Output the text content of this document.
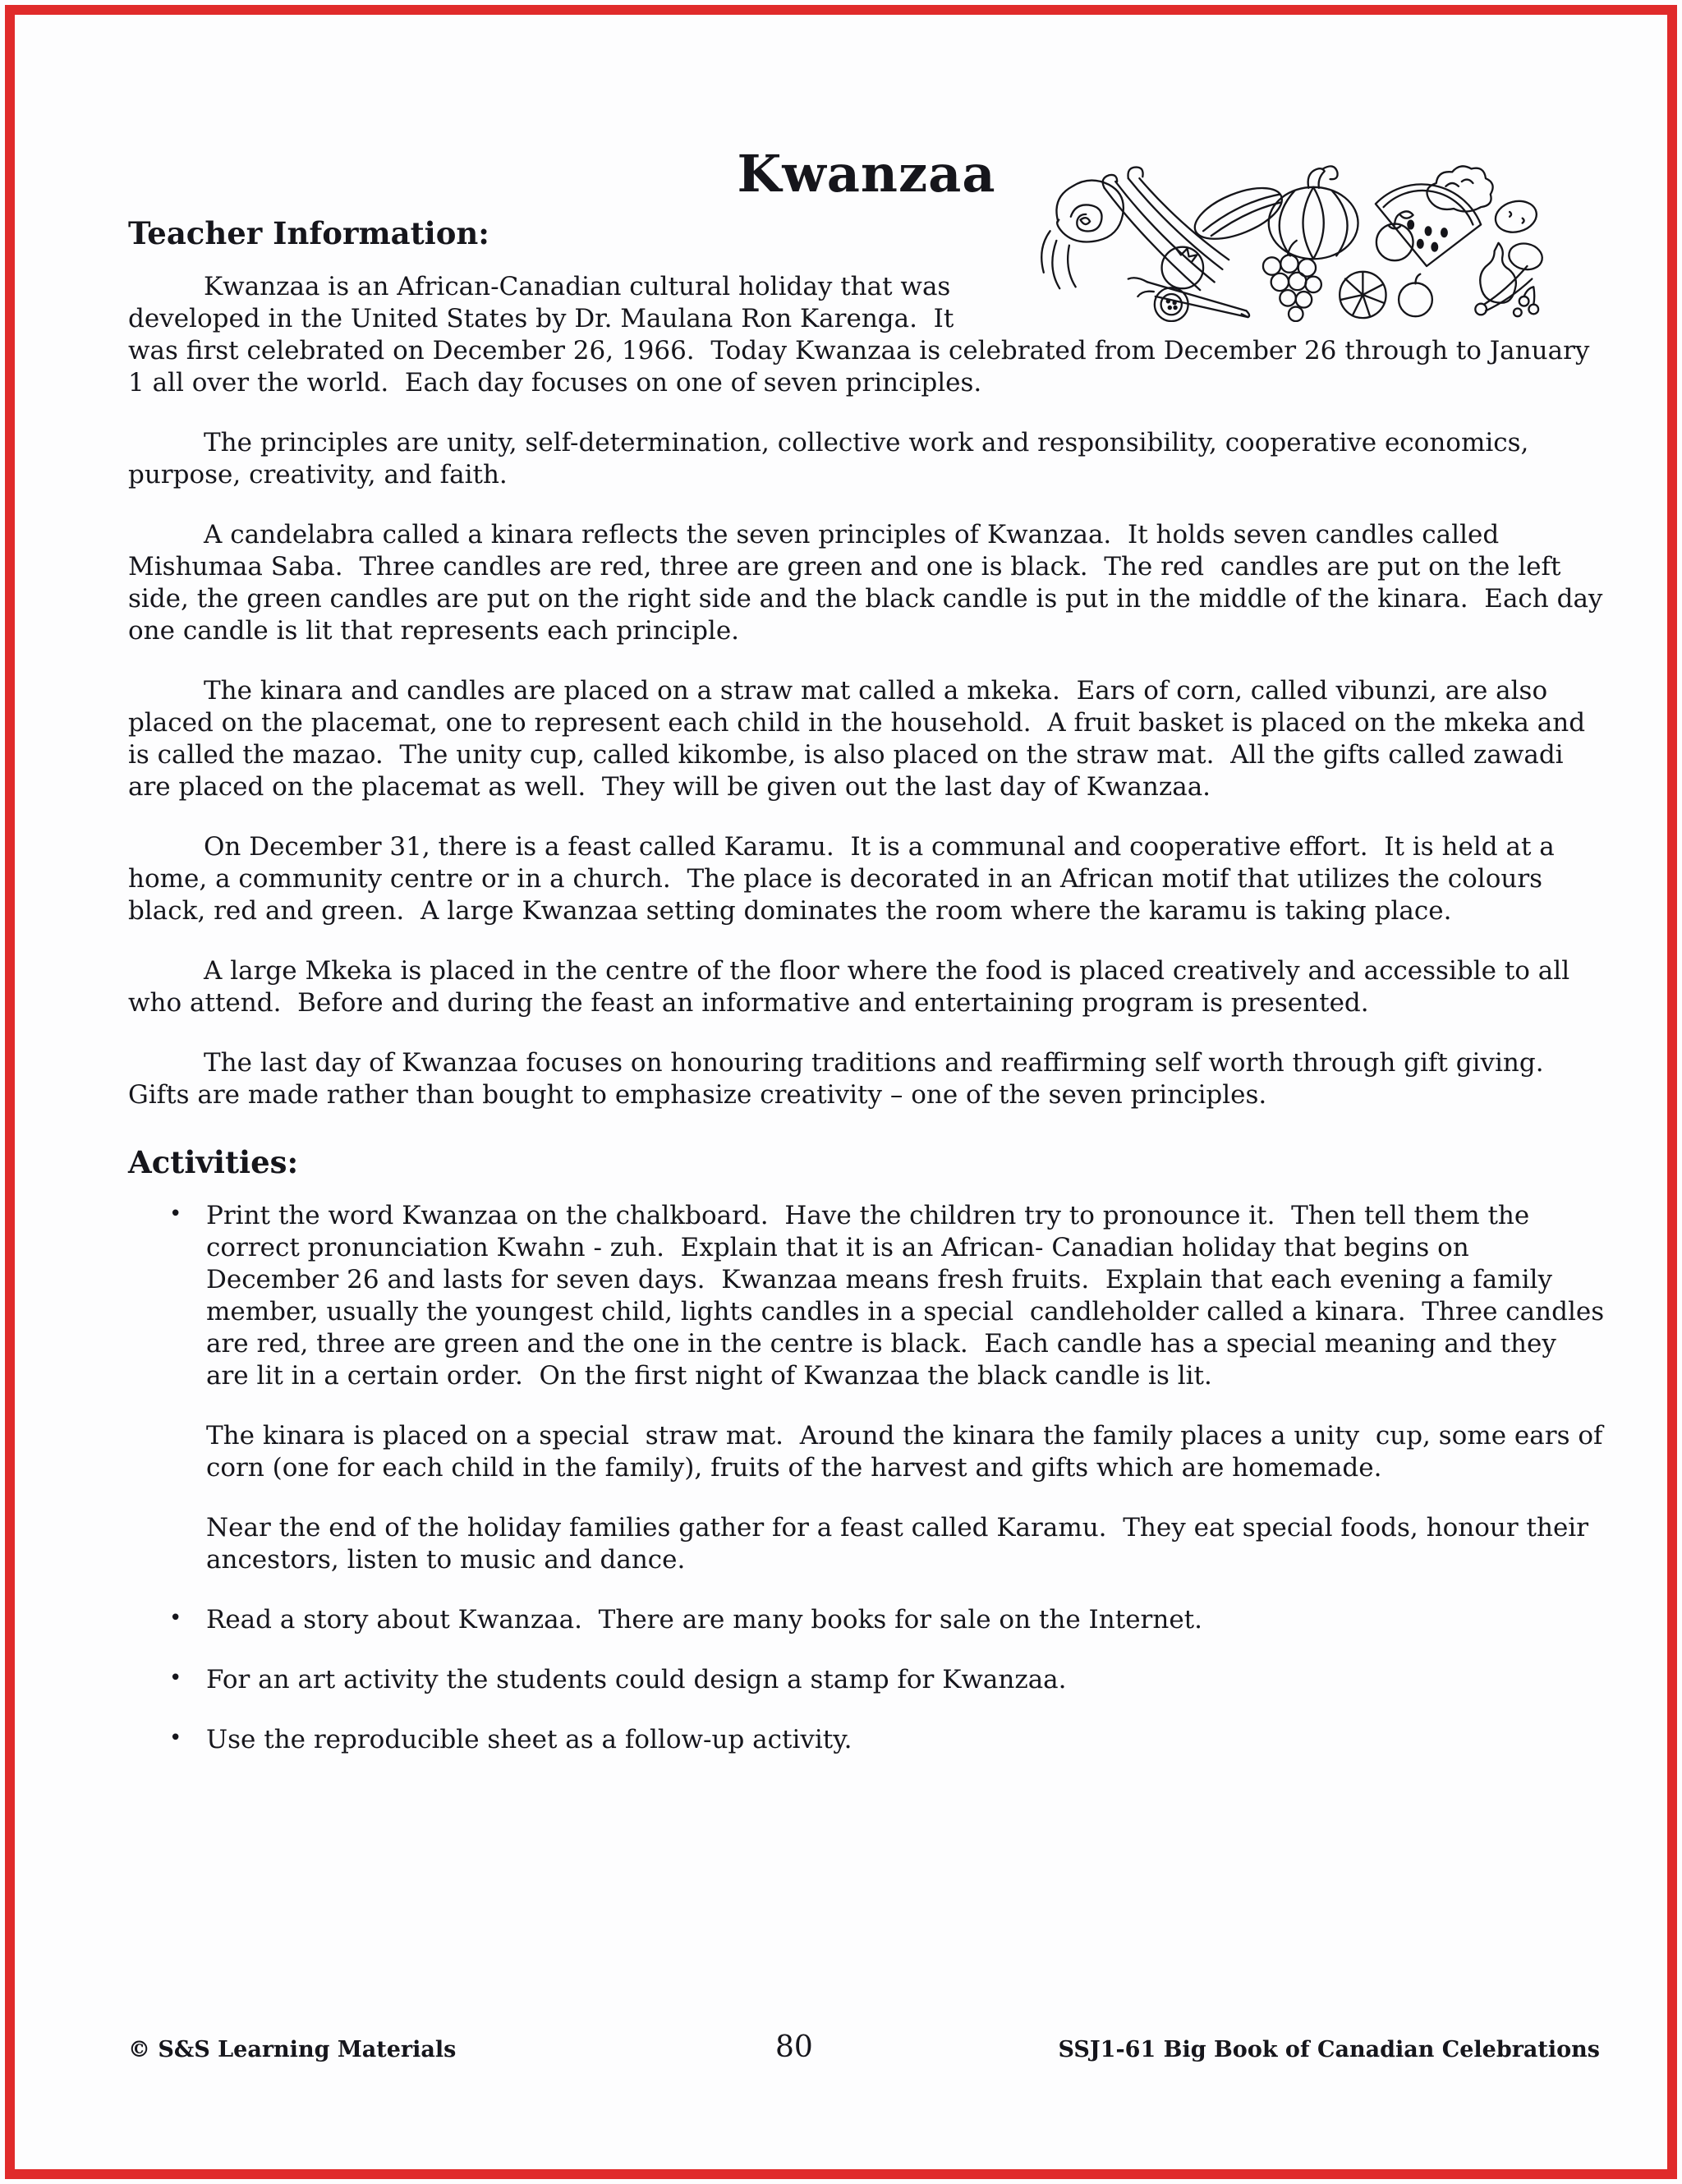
Kwanzaa
Teacher Information:

Kwanzaa is an African-Canadian cultural holiday that was
developed in the United States by Dr. Maulana Ron Karenga.  It was first celebrated on December 26, 1966.  Today Kwanzaa is celebrated from December 26 through to January 1 all over the world.  Each day focuses on one of seven principles.

The principles are unity, self-determination, collective work and responsibility, cooperative economics, purpose, creativity, and faith.

A candelabra called a kinara reflects the seven principles of Kwanzaa.  It holds seven candles called Mishumaa Saba.  Three candles are red, three are green and one is black.  The red  candles are put on the left side, the green candles are put on the right side and the black candle is put in the middle of the kinara.  Each day one candle is lit that represents each principle.

The kinara and candles are placed on a straw mat called a mkeka.  Ears of corn, called vibunzi, are also placed on the placemat, one to represent each child in the household.  A fruit basket is placed on the mkeka and is called the mazao.  The unity cup, called kikombe, is also placed on the straw mat.  All the gifts called zawadi are placed on the placemat as well.  They will be given out the last day of Kwanzaa.

On December 31, there is a feast called Karamu.  It is a communal and cooperative effort.  It is held at a home, a community centre or in a church.  The place is decorated in an African motif that utilizes the colours black, red and green.  A large Kwanzaa setting dominates the room where the karamu is taking place.

A large Mkeka is placed in the centre of the floor where the food is placed creatively and accessible to all who attend.  Before and during the feast an informative and entertaining program is presented.

The last day of Kwanzaa focuses on honouring traditions and reaffirming self worth through gift giving.  Gifts are made rather than bought to emphasize creativity – one of the seven principles.

Activities:
• Print the word Kwanzaa on the chalkboard.  Have the children try to pronounce it.  Then tell them the correct pronunciation Kwahn - zuh.  Explain that it is an African- Canadian holiday that begins on December 26 and lasts for seven days.  Kwanzaa means fresh fruits.  Explain that each evening a family member, usually the youngest child, lights candles in a special  candleholder called a kinara.  Three candles are red, three are green and the one in the centre is black.  Each candle has a special meaning and they are lit in a certain order.  On the first night of Kwanzaa the black candle is lit.
The kinara is placed on a special  straw mat.  Around the kinara the family places a unity  cup, some ears of corn (one for each child in the family), fruits of the harvest and gifts which are homemade.
Near the end of the holiday families gather for a feast called Karamu.  They eat special foods, honour their ancestors, listen to music and dance.
• Read a story about Kwanzaa.  There are many books for sale on the Internet.
• For an art activity the students could design a stamp for Kwanzaa.
• Use the reproducible sheet as a follow-up activity.
© S&S Learning Materials	80	SSJ1-61 Big Book of Canadian Celebrations
